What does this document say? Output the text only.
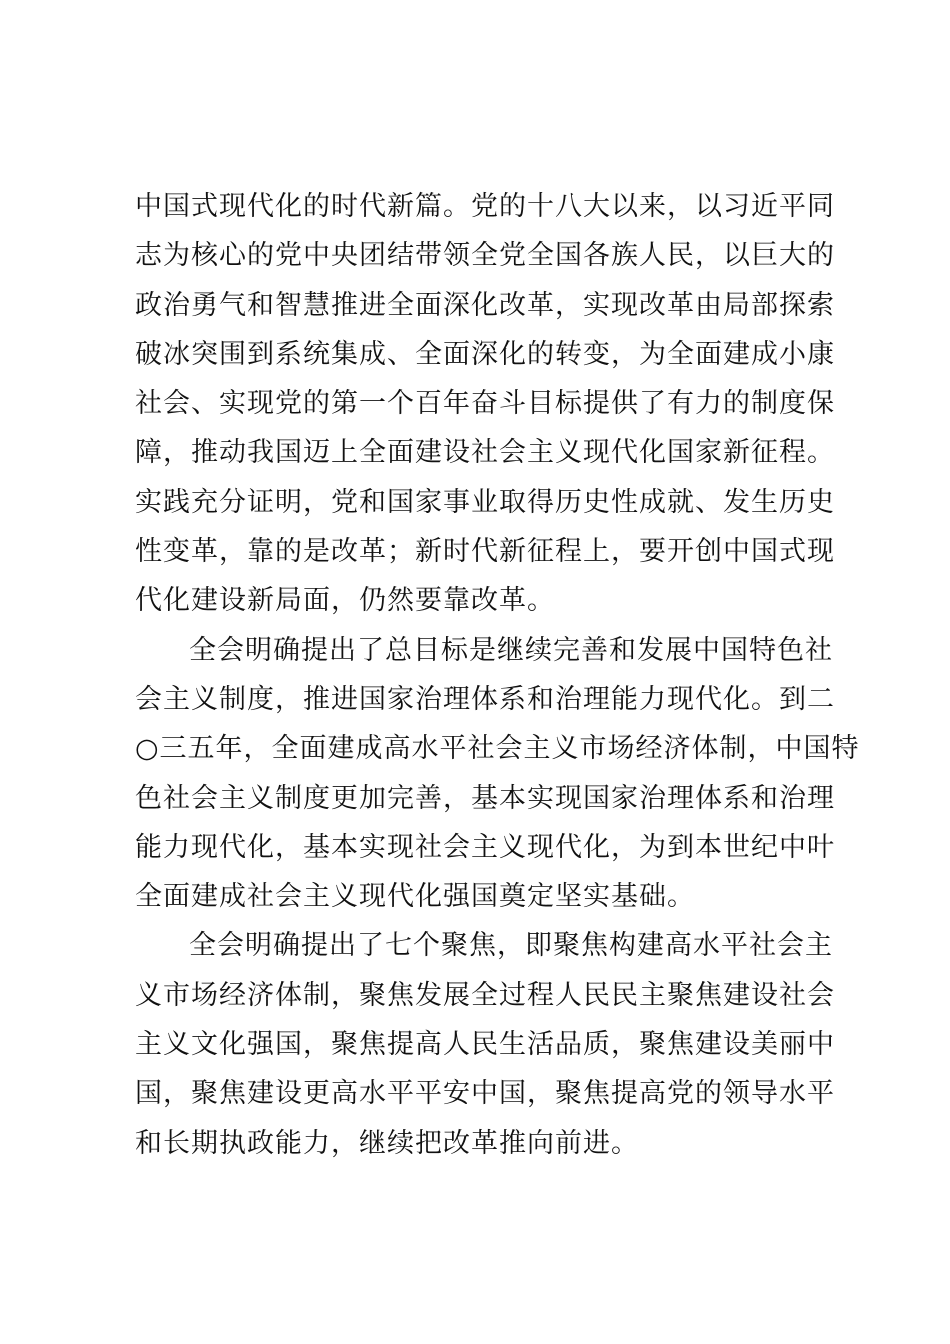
中国式现代化的时代新篇。党的十八大以来，以习近平同
志为核心的党中央团结带领全党全国各族人民，以巨大的
政治勇气和智慧推进全面深化改革，实现改革由局部探索
破冰突围到系统集成、全面深化的转变，为全面建成小康
社会、实现党的第一个百年奋斗目标提供了有力的制度保
障，推动我国迈上全面建设社会主义现代化国家新征程。
实践充分证明，党和国家事业取得历史性成就、发生历史
性变革，靠的是改革；新时代新征程上，要开创中国式现
代化建设新局面，仍然要靠改革。
全会明确提出了总目标是继续完善和发展中国特色社
会主义制度，推进国家治理体系和治理能力现代化。到二
○三五年，全面建成高水平社会主义市场经济体制，中国特
色社会主义制度更加完善，基本实现国家治理体系和治理
能力现代化，基本实现社会主义现代化，为到本世纪中叶
全面建成社会主义现代化强国奠定坚实基础。
全会明确提出了七个聚焦，即聚焦构建高水平社会主
义市场经济体制，聚焦发展全过程人民民主聚焦建设社会
主义文化强国，聚焦提高人民生活品质，聚焦建设美丽中
国，聚焦建设更高水平平安中国，聚焦提高党的领导水平
和长期执政能力，继续把改革推向前进。
